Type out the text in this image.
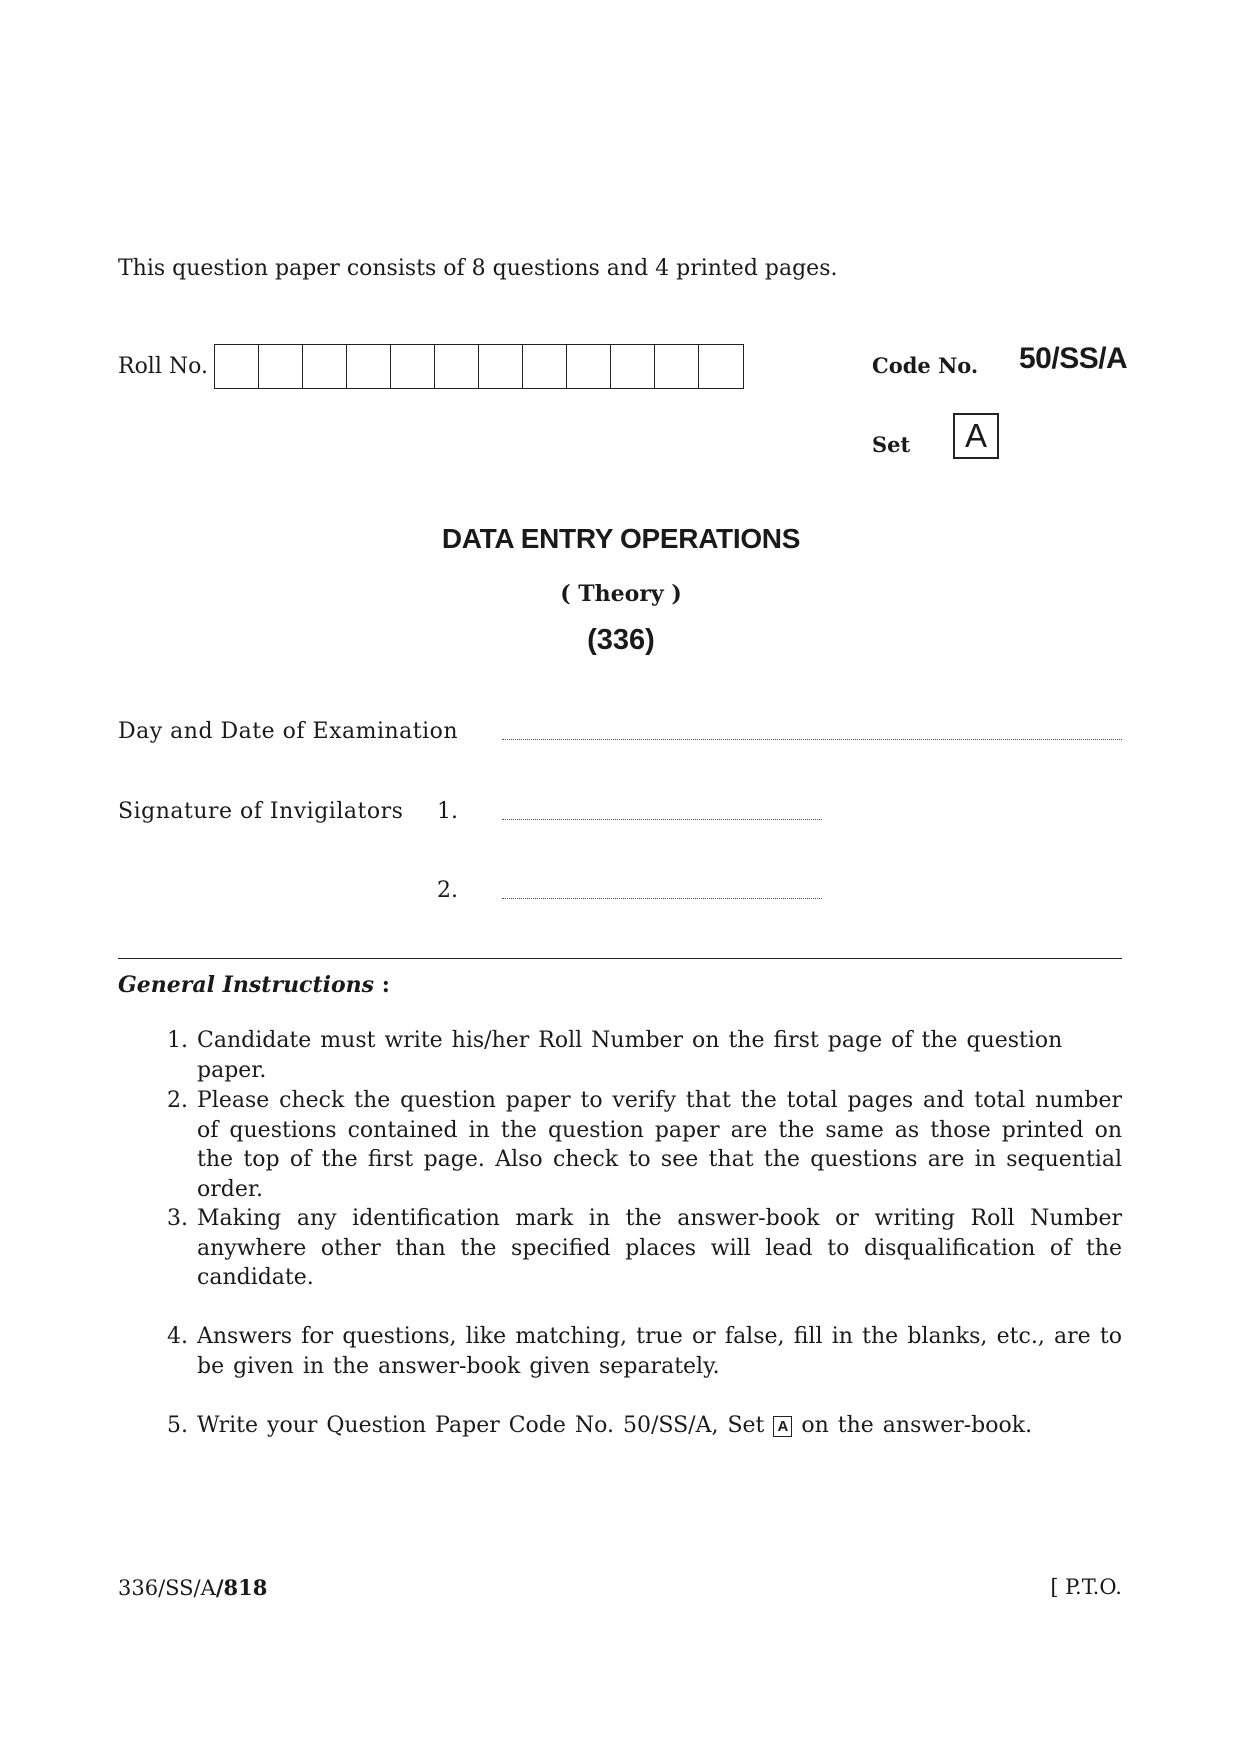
This question paper consists of 8 questions and 4 printed pages.
Roll No.	Code No. 50/SS/A
Set	A
DATA ENTRY OPERATIONS
( Theory )
(336)
Day and Date of Examination
Signature of Invigilators 1.
2.
General Instructions :
1. Candidate must write his/her Roll Number on the first page of the question paper.
2. Please check the question paper to verify that the total pages and total number of questions contained in the question paper are the same as those printed on the top of the first page. Also check to see that the questions are in sequential order.
3. Making any identification mark in the answer-book or writing Roll Number anywhere other than the specified places will lead to disqualification of the candidate.
4. Answers for questions, like matching, true or false, fill in the blanks, etc., are to be given in the answer-book given separately.
5. Write your Question Paper Code No. 50/SS/A, Set A on the answer-book.
336/SS/A/818	[ P.T.O.
